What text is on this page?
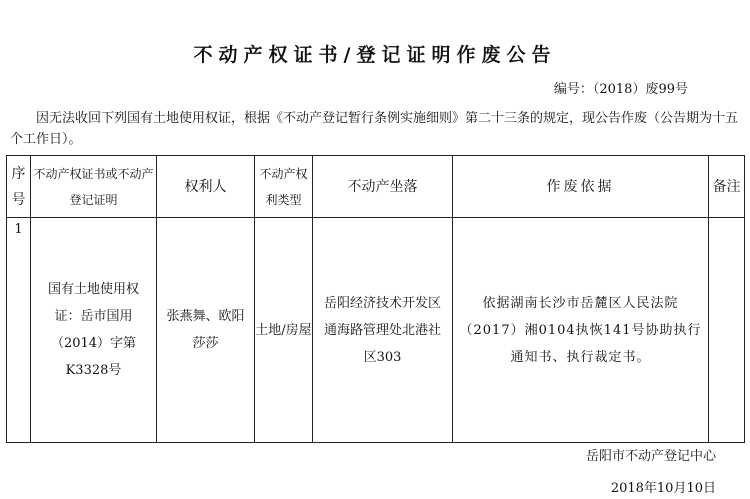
不动产权证书/登记证明作废公告
编号：（2018）废99号
因无法收回下列国有土地使用权证，根据《不动产登记暂行条例实施细则》第二十三条的规定，现公告作废（公告期为十五个工作日）。
序号	不动产权证书或不动产登记证明	权利人	不动产权利类型	不动产坐落	作废依据	备注
1	国有土地使用权证：岳市国用（2014）字第K3328号	张燕舞、欧阳莎莎	土地/房屋	岳阳经济技术开发区通海路管理处北港社区303	依据湖南长沙市岳麓区人民法院（2017）湘0104执恢141号协助执行通知书、执行裁定书。	
岳阳市不动产登记中心
2018年10月10日
